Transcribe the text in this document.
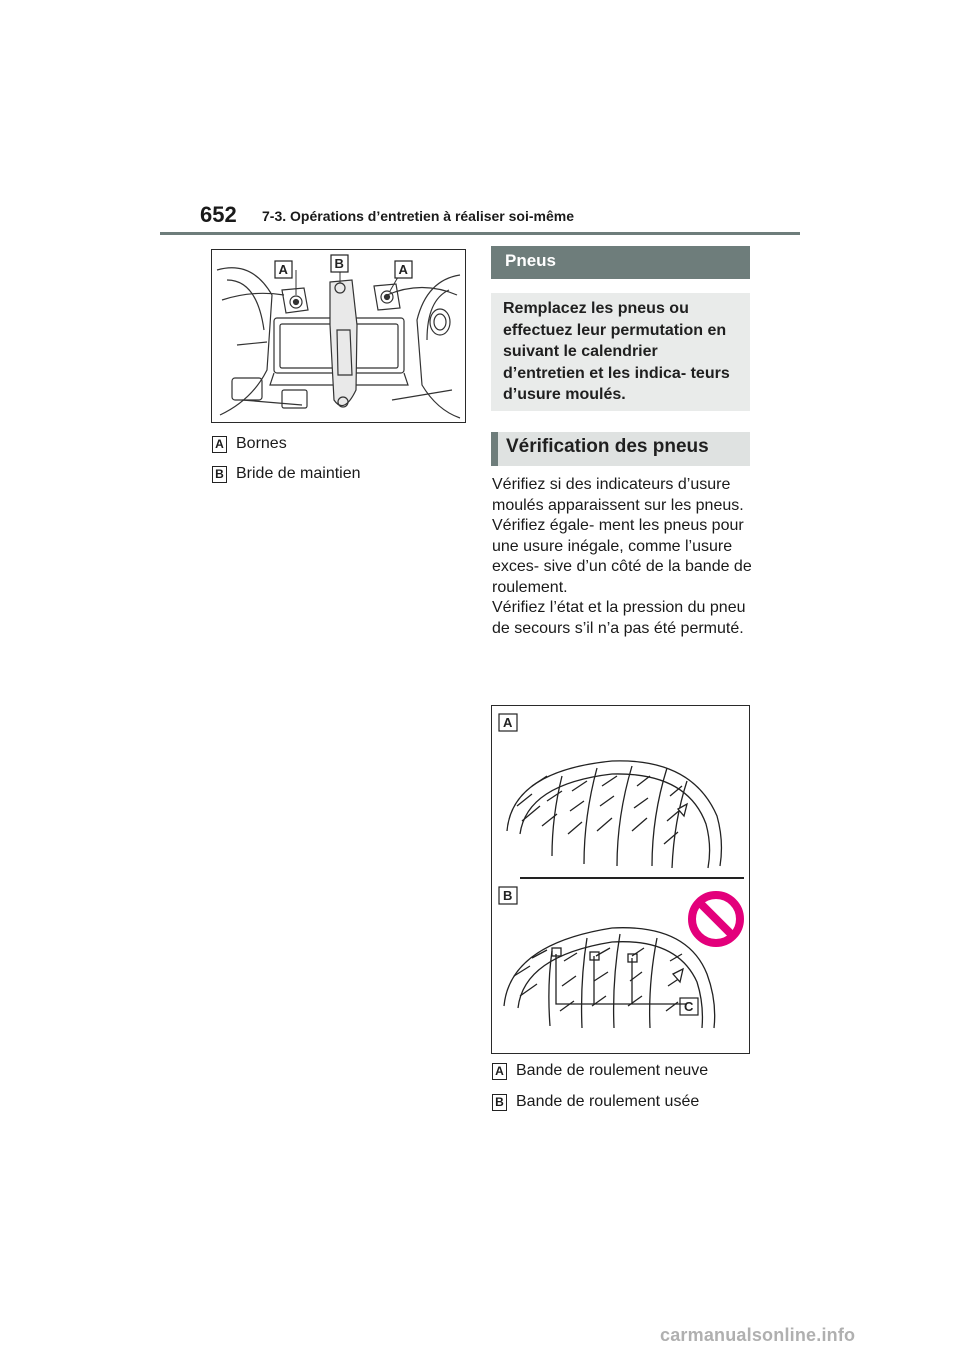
652 7-3. Opérations d’entretien à réaliser soi-même
A	B	A
A Bornes
B Bride de maintien
Pneus
Remplacez les pneus ou effectuez leur permutation en suivant le calendrier d’entretien et les indica- teurs d’usure moulés.
Vérification des pneus

Vérifiez si des indicateurs d’usure moulés apparaissent sur les pneus. Vérifiez égale- ment les pneus pour une usure inégale, comme l’usure exces- sive d’un côté de la bande de roulement.

Vérifiez l’état et la pression du pneu de secours s’il n’a pas été permuté.

A
B
C
A Bande de roulement neuve
B Bande de roulement usée
carmanualsonline.info
